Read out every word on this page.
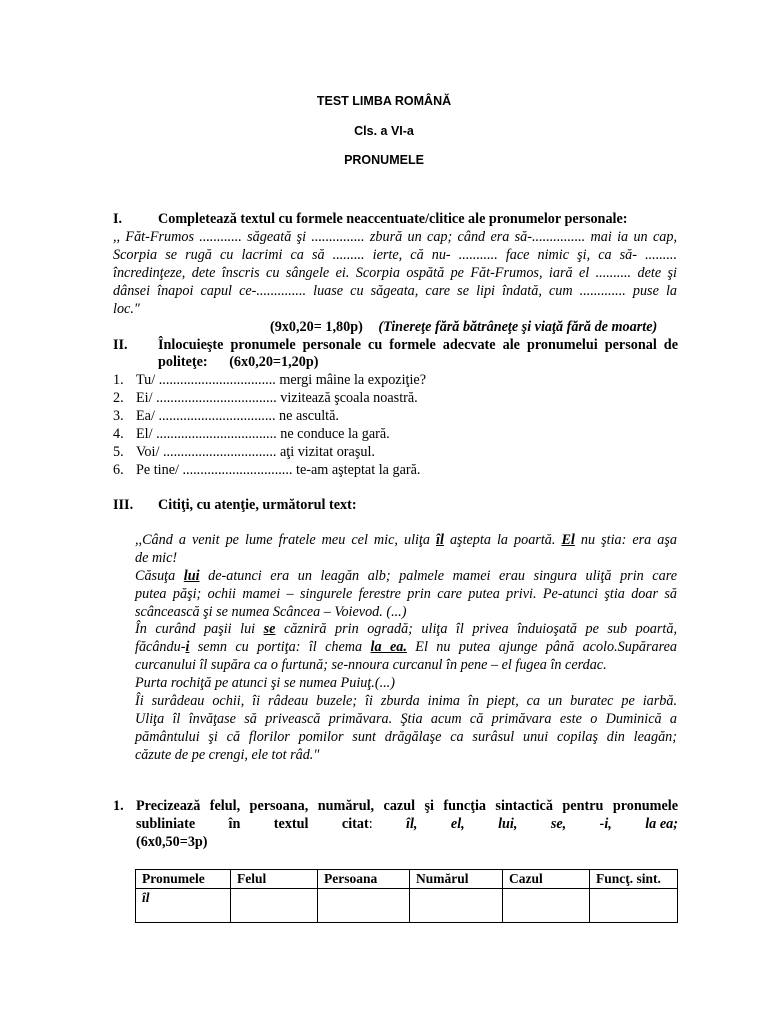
TEST LIMBA ROMÂNĂ
Cls. a VI-a
PRONUMELE
I.	Completează textul cu formele neaccentuate/clitice ale pronumelor personale:
,, Făt-Frumos ............ săgeată şi ............... zbură un cap; când era să-............... mai ia un cap,
Scorpia se rugă cu lacrimi ca să ......... ierte, că nu- ........... face nimic şi, ca să- .........
încredinţeze, dete înscris cu sângele ei. Scorpia ospătă pe Făt-Frumos, iară el .......... dete şi
dânsei înapoi capul ce-.............. luase cu săgeata, care se lipi îndată, cum ............. puse la
loc."
(9x0,20= 1,80p) (Tinereţe fără bătrâneţe şi viaţă fără de moarte)
II. Înlocuieşte pronumele personale cu formele adecvate ale pronumelui personal de
politeţe: (6x0,20=1,20p)
1. Tu/ ................................. mergi mâine la expoziţie?
2. Ei/ .................................. vizitează şcoala noastră.
3. Ea/ ................................. ne ascultă.
4. El/ .................................. ne conduce la gară.
5. Voi/ ................................ aţi vizitat oraşul.
6. Pe tine/ ............................... te-am aşteptat la gară.
III. Citiţi, cu atenţie, următorul text:
,,Când a venit pe lume fratele meu cel mic, uliţa îl aştepta la poartă. El nu ştia: era aşa
de mic!
Căsuţa lui de-atunci era un leagăn alb; palmele mamei erau singura uliţă prin care
putea păşi; ochii mamei – singurele ferestre prin care putea privi. Pe-atunci ştia doar să
scâncească şi se numea Scâncea – Voievod. (...)
În curând paşii lui se căzniră prin ogradă; uliţa îl privea înduioşată pe sub poartă,
făcându-i semn cu portiţa: îl chema la ea. El nu putea ajunge până acolo.Supărarea
curcanului îl supăra ca o furtună; se-nnoura curcanul în pene – el fugea în cerdac.
Purta rochiţă pe atunci şi se numea Puiuţ.(...)
Îi surâdeau ochii, îi râdeau buzele; îi zburda inima în piept, ca un buratec pe iarbă.
Uliţa îl învăţase să privească primăvara. Ştia acum că primăvara este o Duminică a
pământului şi că florilor pomilor sunt drăgălaşe ca surâsul unui copilaş din leagăn;
căzute de pe crengi, ele tot râd."
1. Precizează felul, persoana, numărul, cazul şi funcţia sintactică pentru pronumele
subliniate în textul citat: îl, el, lui, se, -i, la ea;
(6x0,50=3p)
Pronumele	Felul	Persoana	Numărul	Cazul	Funcţ. sint.
îl					
